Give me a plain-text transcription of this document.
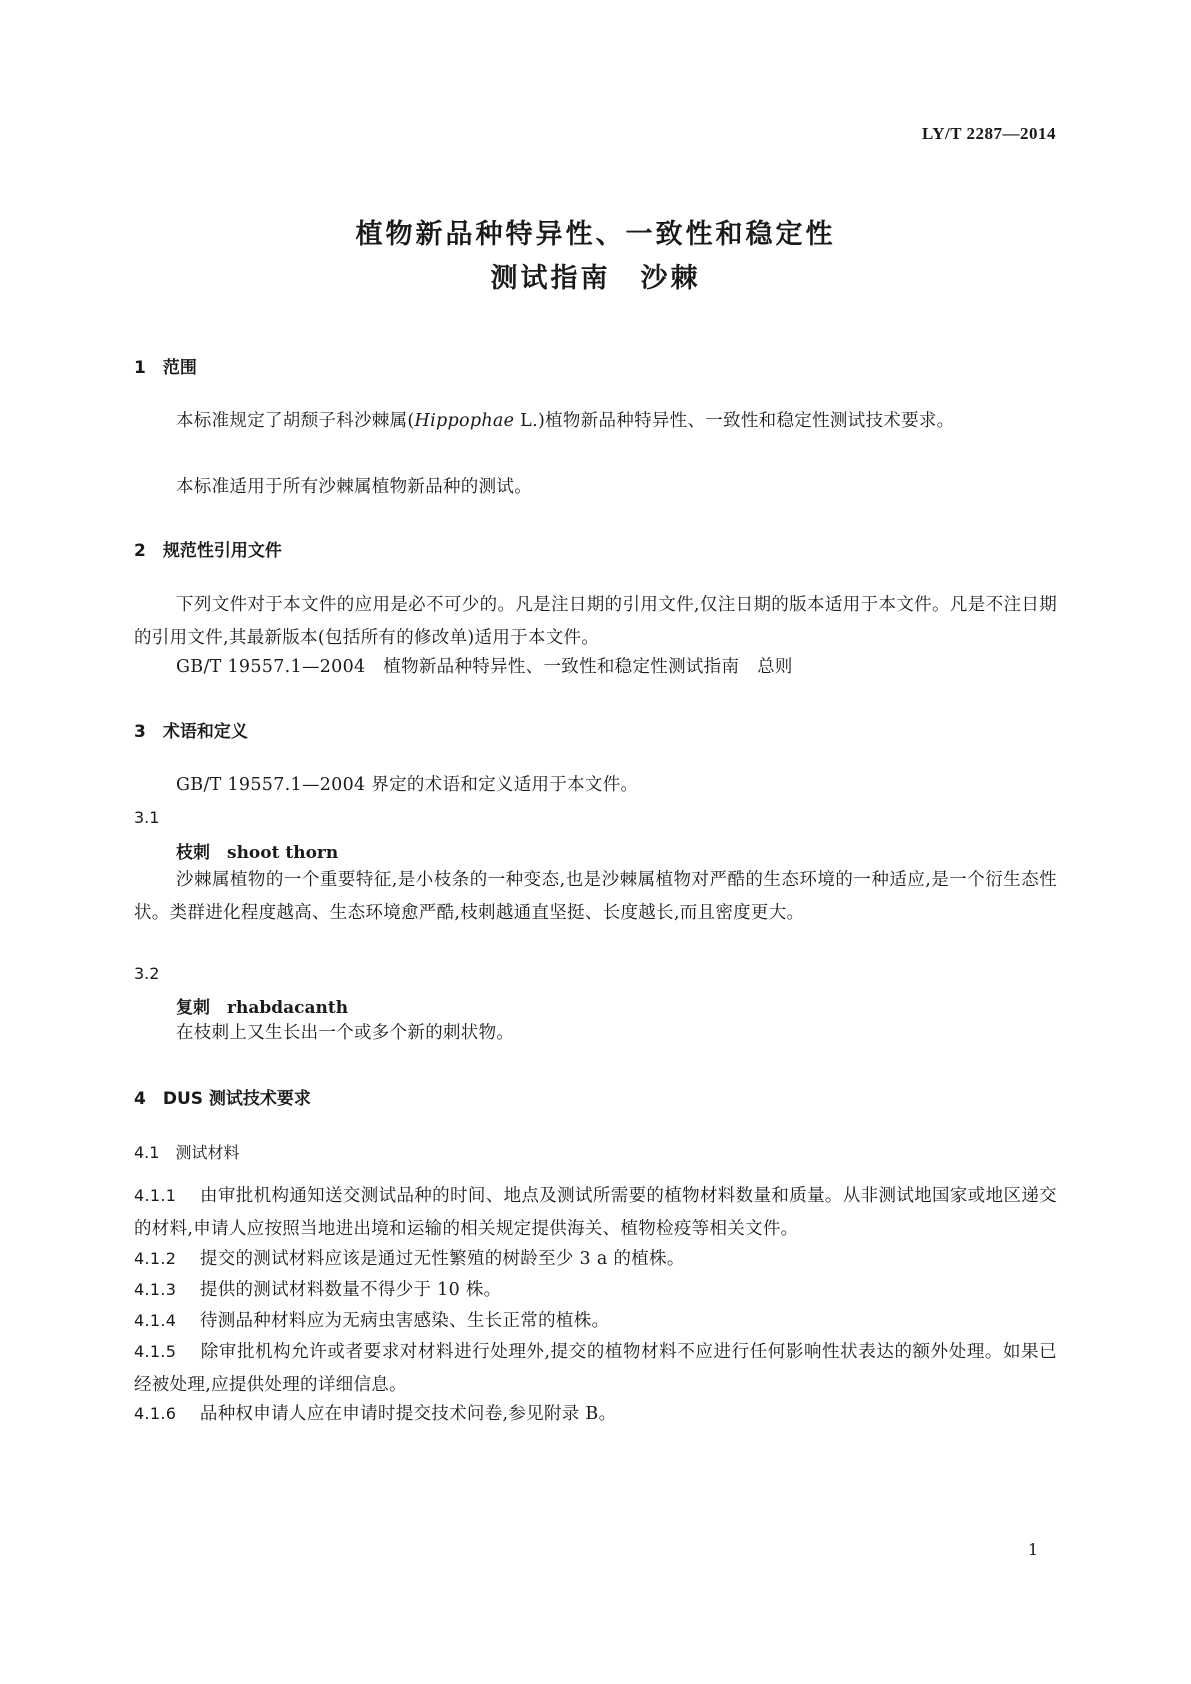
LY/T 2287—2014
植物新品种特异性、一致性和稳定性
测试指南　沙棘
1　范围
本标准规定了胡颓子科沙棘属(Hippophae L.)植物新品种特异性、一致性和稳定性测试技术要求。
本标准适用于所有沙棘属植物新品种的测试。
2　规范性引用文件
下列文件对于本文件的应用是必不可少的。凡是注日期的引用文件,仅注日期的版本适用于本文件。凡是不注日期的引用文件,其最新版本(包括所有的修改单)适用于本文件。
GB/T 19557.1—2004　植物新品种特异性、一致性和稳定性测试指南　总则
3　术语和定义
GB/T 19557.1—2004 界定的术语和定义适用于本文件。
3.1
枝刺　shoot thorn
沙棘属植物的一个重要特征,是小枝条的一种变态,也是沙棘属植物对严酷的生态环境的一种适应,是一个衍生态性状。类群进化程度越高、生态环境愈严酷,枝刺越通直坚挺、长度越长,而且密度更大。
3.2
复刺　rhabdacanth
在枝刺上又生长出一个或多个新的刺状物。
4　DUS 测试技术要求
4.1　测试材料
4.1.1　 由审批机构通知送交测试品种的时间、地点及测试所需要的植物材料数量和质量。从非测试地国家或地区递交的材料,申请人应按照当地进出境和运输的相关规定提供海关、植物检疫等相关文件。
4.1.2　 提交的测试材料应该是通过无性繁殖的树龄至少 3 a 的植株。
4.1.3　 提供的测试材料数量不得少于 10 株。
4.1.4　 待测品种材料应为无病虫害感染、生长正常的植株。
4.1.5　 除审批机构允许或者要求对材料进行处理外,提交的植物材料不应进行任何影响性状表达的额外处理。如果已经被处理,应提供处理的详细信息。
4.1.6　 品种权申请人应在申请时提交技术问卷,参见附录 B。
1
